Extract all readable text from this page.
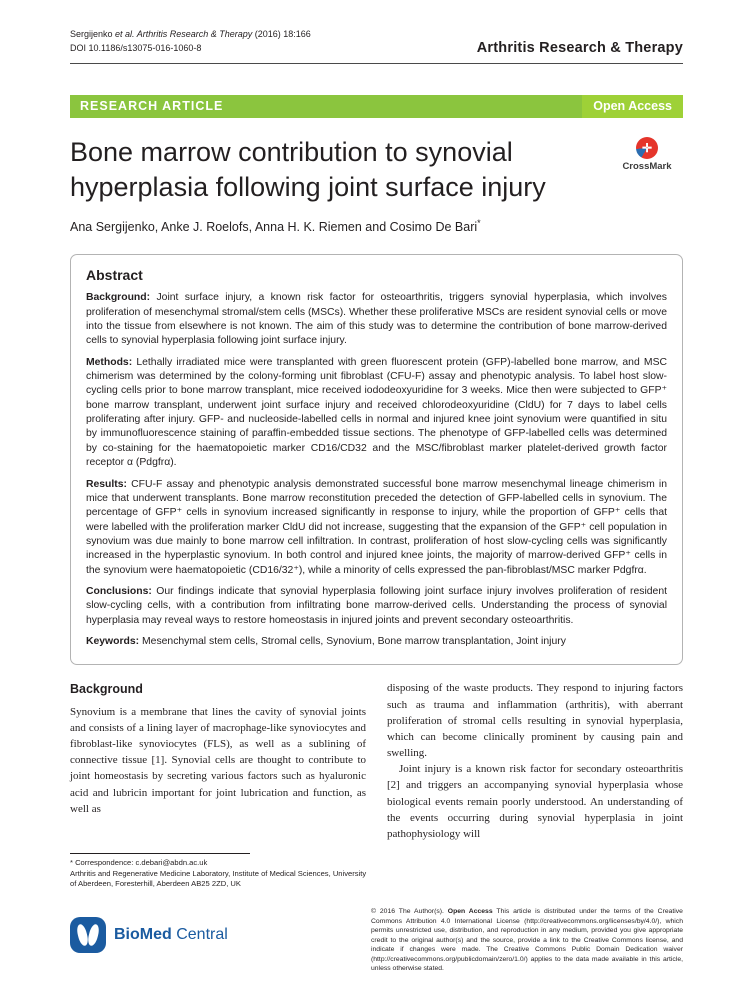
Sergijenko et al. Arthritis Research & Therapy (2016) 18:166
DOI 10.1186/s13075-016-1060-8	Arthritis Research & Therapy
RESEARCH ARTICLE	Open Access
Bone marrow contribution to synovial hyperplasia following joint surface injury
✛
CrossMark
Ana Sergijenko, Anke J. Roelofs, Anna H. K. Riemen and Cosimo De Bari*
Abstract

Background: Joint surface injury, a known risk factor for osteoarthritis, triggers synovial hyperplasia, which involves proliferation of mesenchymal stromal/stem cells (MSCs). Whether these proliferative MSCs are resident synovial cells or move into the tissue from elsewhere is not known. The aim of this study was to determine the contribution of bone marrow-derived cells to synovial hyperplasia following joint surface injury.

Methods: Lethally irradiated mice were transplanted with green fluorescent protein (GFP)-labelled bone marrow, and MSC chimerism was determined by the colony-forming unit fibroblast (CFU-F) assay and phenotypic analysis. To label host slow-cycling cells prior to bone marrow transplant, mice received iododeoxyuridine for 3 weeks. Mice then were subjected to GFP⁺ bone marrow transplant, underwent joint surface injury and received chlorodeoxyuridine (CldU) for 7 days to label cells proliferating after injury. GFP- and nucleoside-labelled cells in normal and injured knee joint synovium were quantified in situ by immunofluorescence staining of paraffin-embedded tissue sections. The phenotype of GFP-labelled cells was determined by co-staining for the haematopoietic marker CD16/CD32 and the MSC/fibroblast marker platelet-derived growth factor receptor α (Pdgfrα).

Results: CFU-F assay and phenotypic analysis demonstrated successful bone marrow mesenchymal lineage chimerism in mice that underwent transplants. Bone marrow reconstitution preceded the detection of GFP-labelled cells in synovium. The percentage of GFP⁺ cells in synovium increased significantly in response to injury, while the proportion of GFP⁺ cells that were labelled with the proliferation marker CldU did not increase, suggesting that the expansion of the GFP⁺ cell population in synovium was due mainly to bone marrow cell infiltration. In contrast, proliferation of host slow-cycling cells was significantly increased in the hyperplastic synovium. In both control and injured knee joints, the majority of marrow-derived GFP⁺ cells in the synovium were haematopoietic (CD16/32⁺), while a minority of cells expressed the pan-fibroblast/MSC marker Pdgfrα.

Conclusions: Our findings indicate that synovial hyperplasia following joint surface injury involves proliferation of resident slow-cycling cells, with a contribution from infiltrating bone marrow-derived cells. Understanding the process of synovial hyperplasia may reveal ways to restore homeostasis in injured joints and prevent secondary osteoarthritis.

Keywords: Mesenchymal stem cells, Stromal cells, Synovium, Bone marrow transplantation, Joint injury

Background

Synovium is a membrane that lines the cavity of synovial joints and consists of a lining layer of macrophage-like synoviocytes and fibroblast-like synoviocytes (FLS), as well as a sublining of connective tissue [1]. Synovial cells are thought to contribute to joint homeostasis by secreting various factors such as hyaluronic acid and lubricin important for joint lubrication and function, as well as

disposing of the waste products. They respond to injuring factors such as trauma and inflammation (arthritis), with aberrant proliferation of stromal cells resulting in synovial hyperplasia, which can become clinically prominent by causing pain and swelling.

Joint injury is a known risk factor for secondary osteoarthritis [2] and triggers an accompanying synovial hyperplasia whose biological events remain poorly understood. An understanding of the events occurring during synovial hyperplasia in joint pathophysiology will

* Correspondence: c.debari@abdn.ac.uk

Arthritis and Regenerative Medicine Laboratory, Institute of Medical Sciences, University of Aberdeen, Foresterhill, Aberdeen AB25 2ZD, UK

BioMed Central

© 2016 The Author(s). Open Access This article is distributed under the terms of the Creative Commons Attribution 4.0 International License (http://creativecommons.org/licenses/by/4.0/), which permits unrestricted use, distribution, and reproduction in any medium, provided you give appropriate credit to the original author(s) and the source, provide a link to the Creative Commons license, and indicate if changes were made. The Creative Commons Public Domain Dedication waiver (http://creativecommons.org/publicdomain/zero/1.0/) applies to the data made available in this article, unless otherwise stated.
